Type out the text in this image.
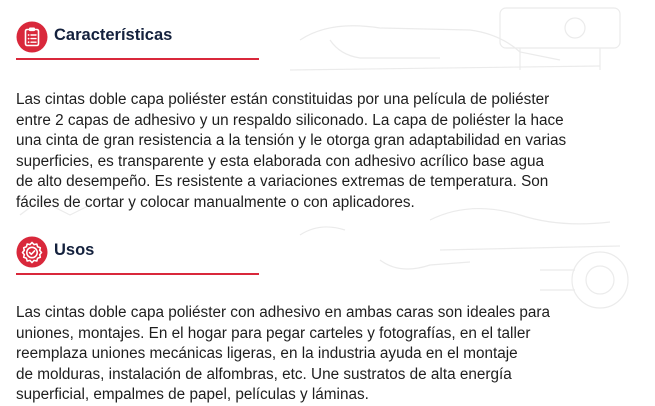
Características

Las cintas doble capa poliéster están constituidas por una película de poliéster
entre 2 capas de adhesivo y un respaldo siliconado. La capa de poliéster la hace
una cinta de gran resistencia a la tensión y le otorga gran adaptabilidad en varias
superficies, es transparente y esta elaborada con adhesivo acrílico base agua
de alto desempeño. Es resistente a variaciones extremas de temperatura. Son
fáciles de cortar y colocar manualmente o con aplicadores.

Usos

Las cintas doble capa poliéster con adhesivo en ambas caras son ideales para
uniones, montajes. En el hogar para pegar carteles y fotografías, en el taller
reemplaza uniones mecánicas ligeras, en la industria ayuda en el montaje
de molduras, instalación de alfombras, etc. Une sustratos de alta energía
superficial, empalmes de papel, películas y láminas.
